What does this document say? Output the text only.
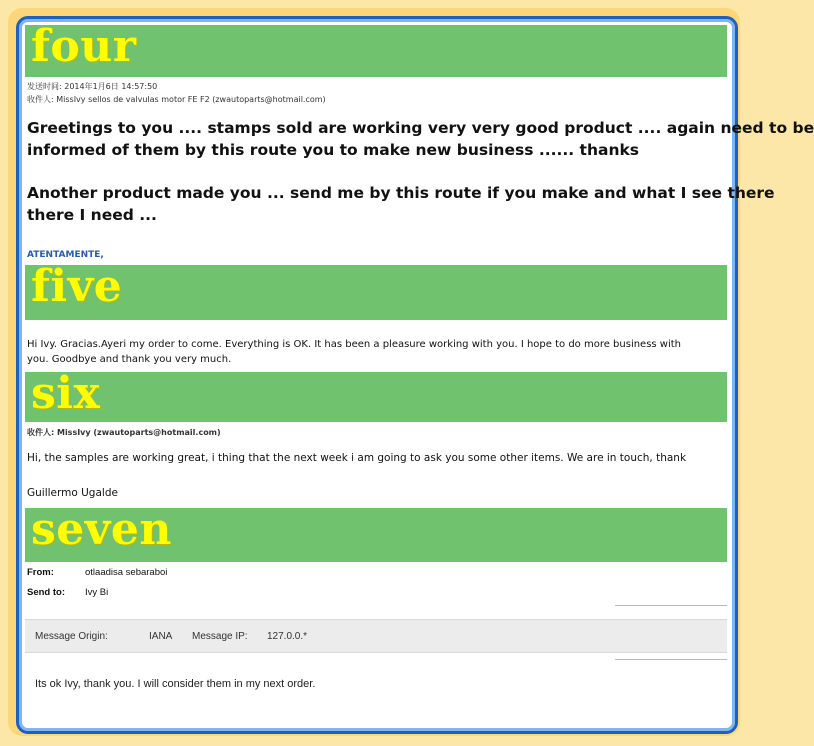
four
发送时间: 2014年1月6日 14:57:50
收件人: MissIvy sellos de valvulas motor FE F2 (zwautoparts@hotmail.com)
Greetings to you .... stamps sold are working very very good product .... again need to be
informed of them by this route you to make new business ...... thanks
Another product made you ... send me by this route if you make and what I see there
there I need ...
ATENTAMENTE,
five
Hi Ivy. Gracias.Ayeri my order to come. Everything is OK. It has been a pleasure working with you. I hope to do more business with
you. Goodbye and thank you very much.
six
收件人: MissIvy (zwautoparts@hotmail.com)
Hi, the samples are working great, i thing that the next week i am going to ask you some other items. We are in touch, thank
Guillermo Ugalde
seven
From:	otlaadisa sebaraboi
Send to: Ivy Bi
Message Origin:	IANA Message IP: 127.0.0.*
Its ok Ivy, thank you. I will consider them in my next order.
